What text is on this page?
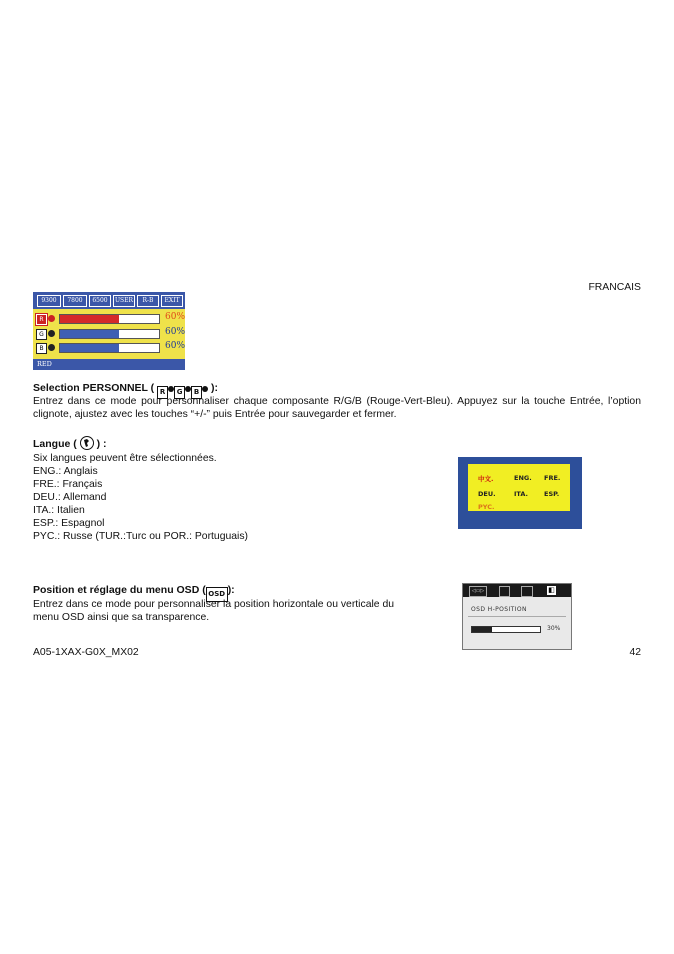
FRANCAIS
9300	7800	6500	USER	R-B	EXIT
R	60%
G	60%
B	60%
RED
Selection PERSONNEL ( R G B ):
Entrez dans ce mode pour personnaliser chaque composante R/G/B (Rouge-Vert-Bleu). Appuyez sur la touche Entrée, l’option clignote, ajustez avec les touches “+/-” puis Entrée pour sauvegarder et fermer.
Langue (
) :
Six langues peuvent être sélectionnées.
ENG.: Anglais
FRE.: Français
DEU.: Allemand
ITA.: Italien
ESP.: Espagnol
PYC.: Russe (TUR.:Turc ou POR.: Portuguais)
中文.	ENG. FRE.
DEU.	ITA. ESP.
PYC.
Position et réglage du menu OSD ( OSD ):
Entrez dans ce mode pour personnaliser la position horizontale ou verticale du
menu OSD ainsi que sa transparence.
◁▭▷	◧
OSD H-POSITION
30%
A05-1XAX-G0X_MX02	42
